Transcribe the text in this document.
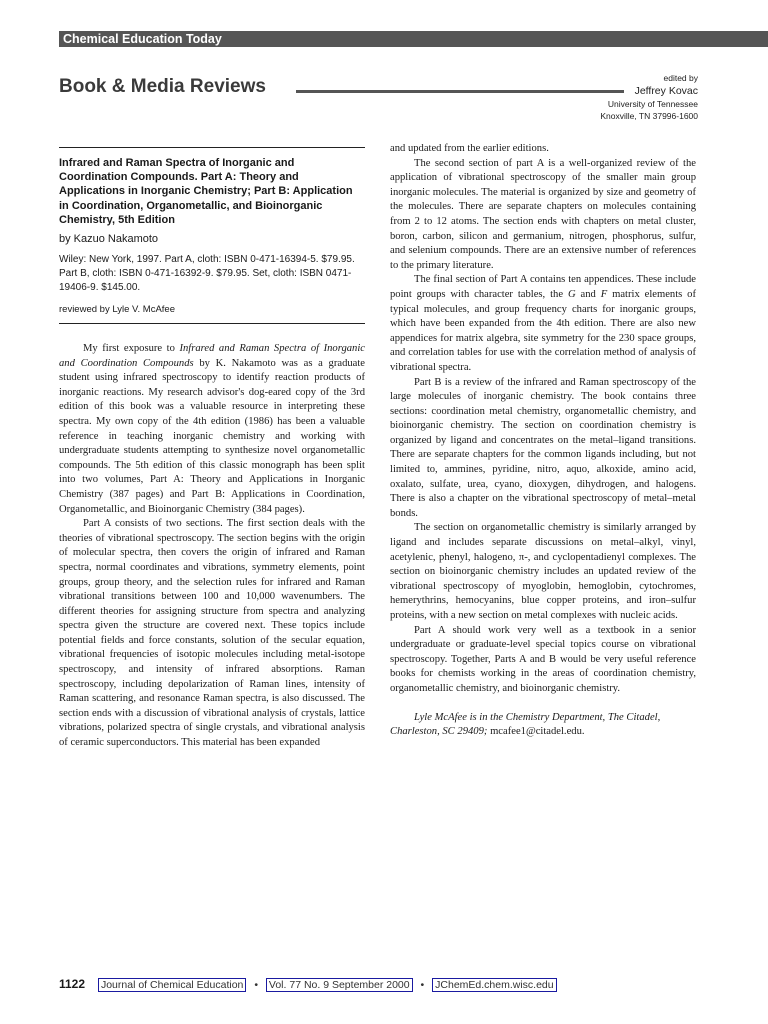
Chemical Education Today
Book & Media Reviews	edited by
Jeffrey Kovac
University of Tennessee
Knoxville, TN 37996-1600
Infrared and Raman Spectra of Inorganic and Coordination Compounds. Part A: Theory and Applications in Inorganic Chemistry; Part B: Application in Coordination, Organometallic, and Bioinorganic Chemistry, 5th Edition
by Kazuo Nakamoto
Wiley: New York, 1997. Part A, cloth: ISBN 0-471-16394-5. $79.95. Part B, cloth: ISBN 0-471-16392-9. $79.95. Set, cloth: ISBN 0471-19406-9. $145.00.
reviewed by Lyle V. McAfee

My first exposure to Infrared and Raman Spectra of Inorganic and Coordination Compounds by K. Nakamoto was as a graduate student using infrared spectroscopy to identify reaction products of inorganic reactions. My research advisor's dog-eared copy of the 3rd edition of this book was a valuable resource in interpreting these spectra. My own copy of the 4th edition (1986) has been a valuable reference in teaching inorganic chemistry and working with undergraduate students attempting to synthesize novel organometallic compounds. The 5th edition of this classic monograph has been split into two volumes, Part A: Theory and Applications in Inorganic Chemistry (387 pages) and Part B: Applications in Coordination, Organometallic, and Bioinorganic Chemistry (384 pages).

Part A consists of two sections. The first section deals with the theories of vibrational spectroscopy. The section begins with the origin of molecular spectra, then covers the origin of infrared and Raman spectra, normal coordinates and vibrations, symmetry elements, point groups, group theory, and the selection rules for infrared and Raman vibrational transitions between 100 and 10,000 wavenumbers. The different theories for assigning structure from spectra and analyzing spectra given the structure are covered next. These topics include potential fields and force constants, solution of the secular equation, vibrational frequencies of isotopic molecules including metal-isotope spectroscopy, and intensity of infrared absorptions. Raman spectroscopy, including depolarization of Raman lines, intensity of Raman scattering, and resonance Raman spectra, is also discussed. The section ends with a discussion of vibrational analysis of crystals, lattice vibrations, polarized spectra of single crystals, and vibrational analysis of ceramic superconductors. This material has been expanded

and updated from the earlier editions.

The second section of part A is a well-organized review of the application of vibrational spectroscopy of the smaller main group inorganic molecules. The material is organized by size and geometry of the molecules. There are separate chapters on molecules containing from 2 to 12 atoms. The section ends with chapters on metal cluster, boron, carbon, silicon and germanium, nitrogen, phosphorus, sulfur, and selenium compounds. There are an extensive number of references to the primary literature.

The final section of Part A contains ten appendices. These include point groups with character tables, the G and F matrix elements of typical molecules, and group frequency charts for inorganic groups, which have been expanded from the 4th edition. There are also new appendices for matrix algebra, site symmetry for the 230 space groups, and correlation tables for use with the correlation method of analysis of vibrational spectra.

Part B is a review of the infrared and Raman spectroscopy of the large molecules of inorganic chemistry. The book contains three sections: coordination metal chemistry, organometallic chemistry, and bioinorganic chemistry. The section on coordination chemistry is organized by ligand and concentrates on the metal–ligand transitions. There are separate chapters for the common ligands including, but not limited to, ammines, pyridine, nitro, aquo, alkoxide, amino acid, oxalato, sulfate, urea, cyano, dioxygen, dihydrogen, and halogens. There is also a chapter on the vibrational spectroscopy of metal–metal bonds.

The section on organometallic chemistry is similarly arranged by ligand and includes separate discussions on metal–alkyl, vinyl, acetylenic, phenyl, halogeno, π-, and cyclopentadienyl complexes. The section on bioinorganic chemistry includes an updated review of the vibrational spectroscopy of myoglobin, hemoglobin, cytochromes, hemerythrins, hemocyanins, blue copper proteins, and iron–sulfur proteins, with a new section on metal complexes with nucleic acids.

Part A should work very well as a textbook in a senior undergraduate or graduate-level special topics course on vibrational spectroscopy. Together, Parts A and B would be very useful reference books for chemists working in the areas of coordination chemistry, organometallic chemistry, and bioinorganic chemistry.

Lyle McAfee is in the Chemistry Department, The Citadel, Charleston, SC 29409; mcafee1@citadel.edu.
1122 Journal of Chemical Education • Vol. 77 No. 9 September 2000 • JChemEd.chem.wisc.edu
